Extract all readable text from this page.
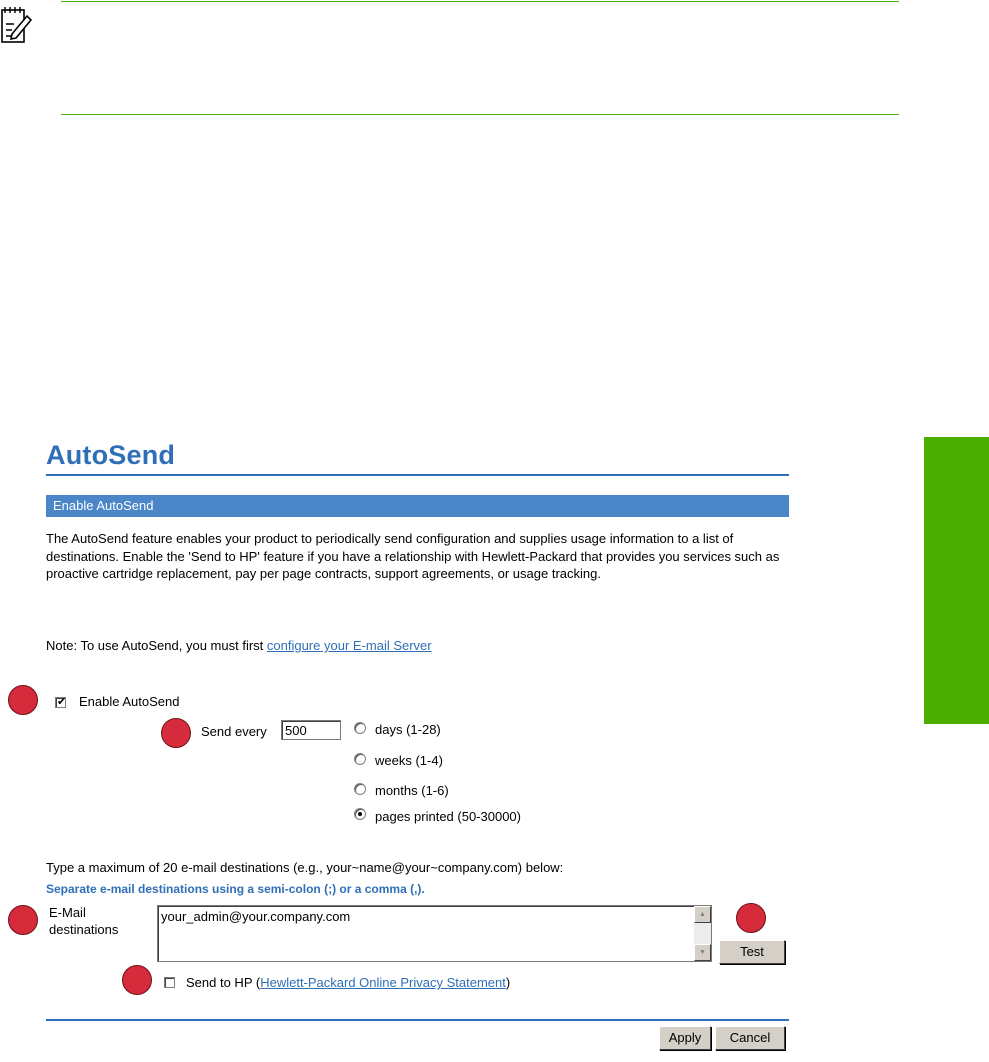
AutoSend
Enable AutoSend
The AutoSend feature enables your product to periodically send configuration and supplies usage information to a list of destinations. Enable the 'Send to HP' feature if you have a relationship with Hewlett-Packard that provides you services such as proactive cartridge replacement, pay per page contracts, support agreements, or usage tracking.
Note: To use AutoSend, you must first configure your E-mail Server
✔ Enable AutoSend
Send every
500	days (1-28)
weeks (1-4)
months (1-6)
pages printed (50-30000)
Type a maximum of 20 e-mail destinations (e.g., your~name@your~company.com) below:
Separate e-mail destinations using a semi-colon (;) or a comma (,).
E-Mail
destinations
your_admin@your.company.com	▲
▼	Test
Send to HP (Hewlett-Packard Online Privacy Statement)
Apply	Cancel
